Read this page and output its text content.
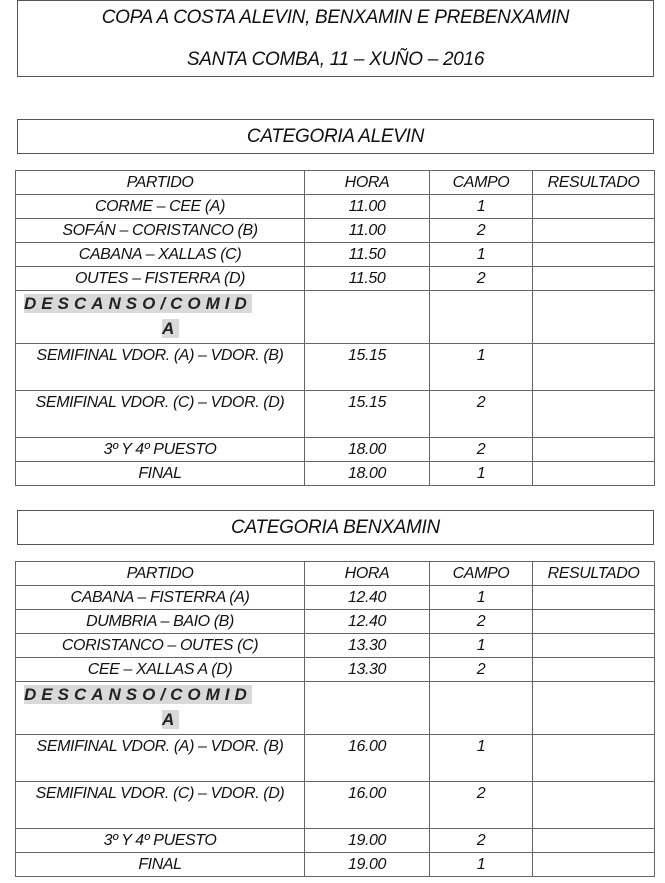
COPA A COSTA ALEVIN, BENXAMIN E PREBENXAMIN
SANTA COMBA, 11 – XUÑO – 2016
CATEGORIA ALEVIN
PARTIDO	HORA	CAMPO	RESULTADO
CORME – CEE (A)	11.00	1	
SOFÁN – CORISTANCO (B)	11.00	2	
CABANA – XALLAS (C)	11.50	1	
OUTES – FISTERRA (D)	11.50	2	

DESCANSO/COMID
A			

SEMIFINAL VDOR. (A) – VDOR. (B)	15.15	1	
SEMIFINAL VDOR. (C) – VDOR. (D)	15.15	2	
3º Y 4º PUESTO	18.00	2	
FINAL	18.00	1	
CATEGORIA BENXAMIN
PARTIDO	HORA	CAMPO	RESULTADO
CABANA – FISTERRA (A)	12.40	1	
DUMBRIA – BAIO (B)	12.40	2	
CORISTANCO – OUTES (C)	13.30	1	
CEE – XALLAS A (D)	13.30	2	

DESCANSO/COMID
A			

SEMIFINAL VDOR. (A) – VDOR. (B)	16.00	1	
SEMIFINAL VDOR. (C) – VDOR. (D)	16.00	2	
3º Y 4º PUESTO	19.00	2	
FINAL	19.00	1	
